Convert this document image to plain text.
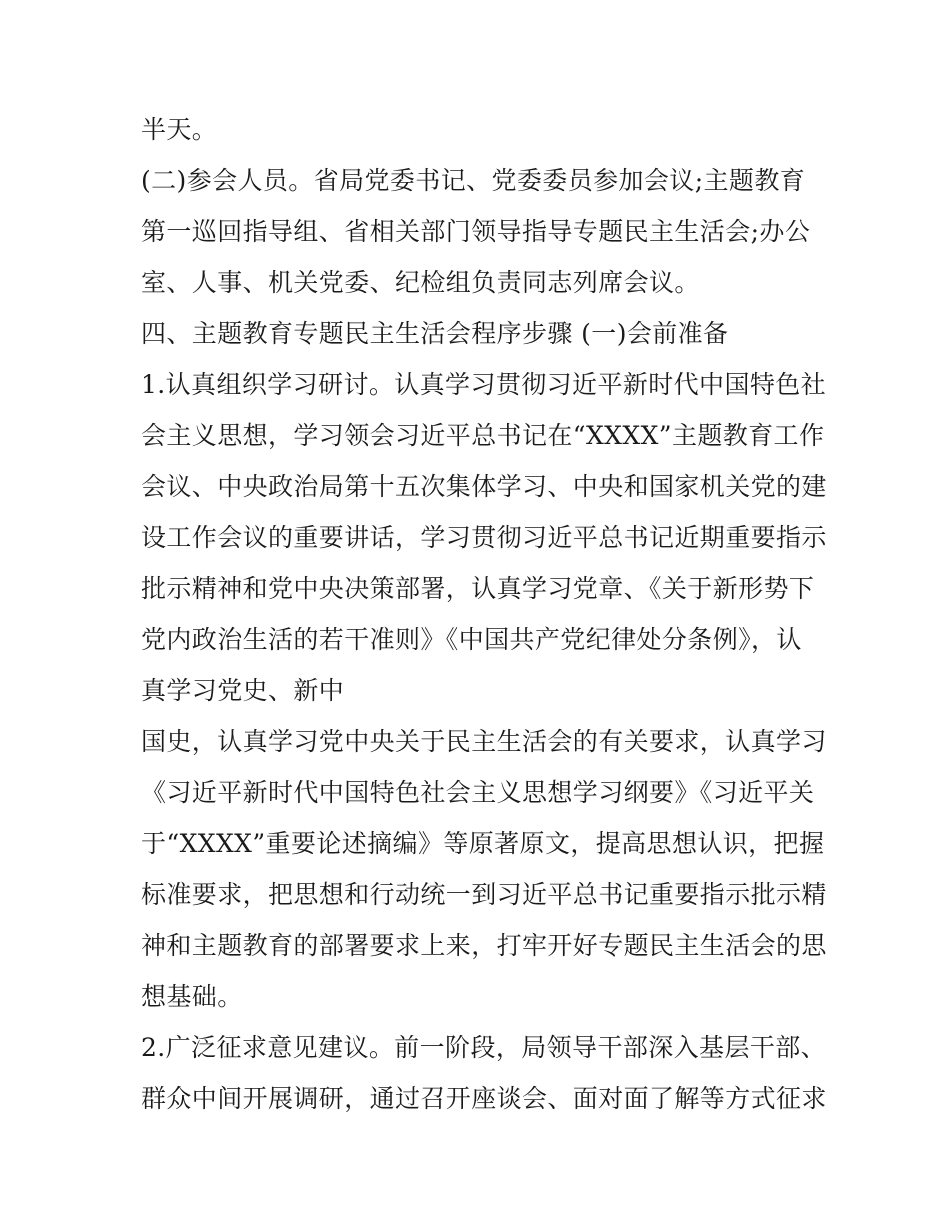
半天。
(二)参会人员。省局党委书记、党委委员参加会议;主题教育
第一巡回指导组、省相关部门领导指导专题民主生活会;办公
室、人事、机关党委、纪检组负责同志列席会议。
四、主题教育专题民主生活会程序步骤 (一)会前准备
1.认真组织学习研讨。认真学习贯彻习近平新时代中国特色社
会主义思想，学习领会习近平总书记在“XXXX”主题教育工作
会议、中央政治局第十五次集体学习、中央和国家机关党的建
设工作会议的重要讲话，学习贯彻习近平总书记近期重要指示
批示精神和党中央决策部署，认真学习党章、《关于新形势下
党内政治生活的若干准则》《中国共产党纪律处分条例》，认
真学习党史、新中
国史，认真学习党中央关于民主生活会的有关要求，认真学习
《习近平新时代中国特色社会主义思想学习纲要》《习近平关
于“XXXX”重要论述摘编》等原著原文，提高思想认识，把握
标准要求，把思想和行动统一到习近平总书记重要指示批示精
神和主题教育的部署要求上来，打牢开好专题民主生活会的思
想基础。
2.广泛征求意见建议。前一阶段，局领导干部深入基层干部、
群众中间开展调研，通过召开座谈会、面对面了解等方式征求
